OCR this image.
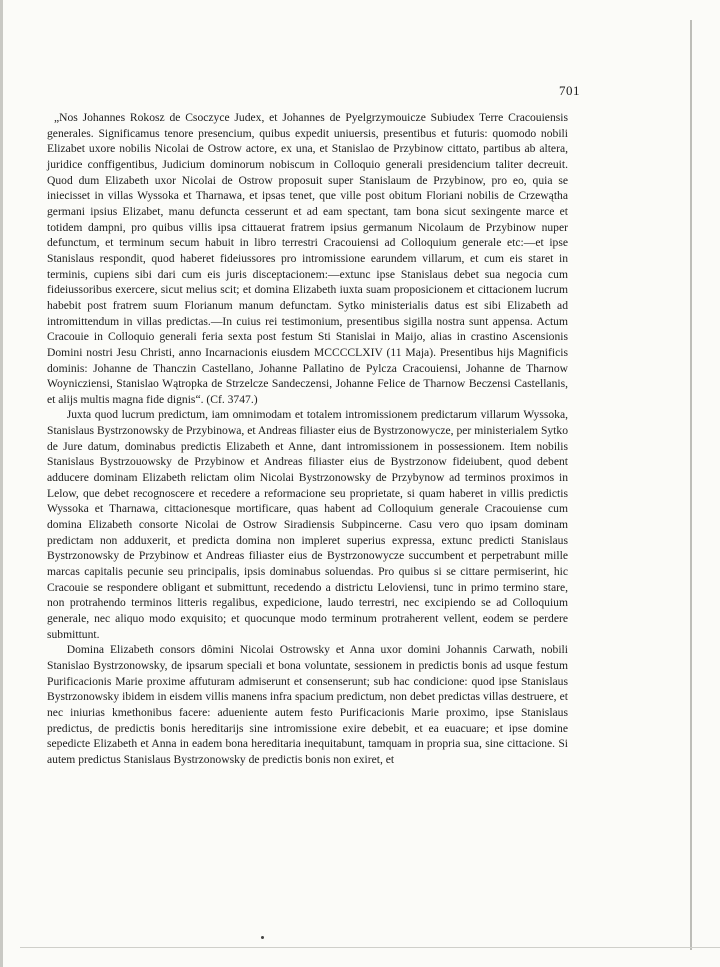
701

„Nos Johannes Rokosz de Csoczyce Judex, et Johannes de Pyelgrzymouicze Subiudex Terre Cracouiensis generales. Significamus tenore presencium, quibus expedit uniuersis, presentibus et futuris: quomodo nobili Elizabet uxore nobilis Nicolai de Ostrow actore, ex una, et Stanislao de Przybinow cittato, partibus ab altera, juridice conffigentibus, Judicium dominorum nobiscum in Colloquio generali presidencium taliter decreuit. Quod dum Elizabeth uxor Nicolai de Ostrow proposuit super Stanislaum de Przybinow, pro eo, quia se iniecisset in villas Wyssoka et Tharnawa, et ipsas tenet, que ville post obitum Floriani nobilis de Crzewątha germani ipsius Elizabet, manu defuncta cesserunt et ad eam spectant, tam bona sicut sexingente marce et totidem dampni, pro quibus villis ipsa cittauerat fratrem ipsius germanum Nicolaum de Przybinow nuper defunctum, et terminum secum habuit in libro terrestri Cracouiensi ad Colloquium generale etc:—et ipse Stanislaus respondit, quod haberet fideiussores pro intromissione earundem villarum, et cum eis staret in terminis, cupiens sibi dari cum eis juris disceptacionem:—extunc ipse Stanislaus debet sua negocia cum fideiussoribus exercere, sicut melius scit; et domina Elizabeth iuxta suam proposicionem et cittacionem lucrum habebit post fratrem suum Florianum manum defunctam. Sytko ministerialis datus est sibi Elizabeth ad intromittendum in villas predictas.—In cuius rei testimonium, presentibus sigilla nostra sunt appensa. Actum Cracouie in Colloquio generali feria sexta post festum Sti Stanislai in Maijo, alias in crastino Ascensionis Domini nostri Jesu Christi, anno Incarnacionis eiusdem MCCCCLXIV (11 Maja). Presentibus hijs Magnificis dominis: Johanne de Thanczin Castellano, Johanne Pallatino de Pylcza Cracouiensi, Johanne de Tharnow Woynicziensi, Stanislao Wątropka de Strzelcze Sandeczensi, Johanne Felice de Tharnow Beczensi Castellanis, et alijs multis magna fide dignis“. (Cf. 3747.)

Juxta quod lucrum predictum, iam omnimodam et totalem intromissionem predictarum villarum Wyssoka, Stanislaus Bystrzonowsky de Przybinowa, et Andreas filiaster eius de Bystrzonowycze, per ministerialem Sytko de Jure datum, dominabus predictis Elizabeth et Anne, dant intromissionem in possessionem. Item nobilis Stanislaus Bystrzouowsky de Przybinow et Andreas filiaster eius de Bystrzonow fideiubent, quod debent adducere dominam Elizabeth relictam olim Nicolai Bystrzonowsky de Przybynow ad terminos proximos in Lelow, que debet recognoscere et recedere a reformacione seu proprietate, si quam haberet in villis predictis Wyssoka et Tharnawa, cittacionesque mortificare, quas habent ad Colloquium generale Cracouiense cum domina Elizabeth consorte Nicolai de Ostrow Siradiensis Subpincerne. Casu vero quo ipsam dominam predictam non adduxerit, et predicta domina non impleret superius expressa, extunc predicti Stanislaus Bystrzonowsky de Przybinow et Andreas filiaster eius de Bystrzonowycze succumbent et perpetrabunt mille marcas capitalis pecunie seu principalis, ipsis dominabus soluendas. Pro quibus si se cittare permiserint, hic Cracouie se respondere obligant et submittunt, recedendo a districtu Leloviensi, tunc in primo termino stare, non protrahendo terminos litteris regalibus, expedicione, laudo terrestri, nec excipiendo se ad Colloquium generale, nec aliquo modo exquisito; et quocunque modo terminum protraherent vellent, eodem se perdere submittunt.

Domina Elizabeth consors dômini Nicolai Ostrowsky et Anna uxor domini Johannis Carwath, nobili Stanislao Bystrzonowsky, de ipsarum speciali et bona voluntate, sessionem in predictis bonis ad usque festum Purificacionis Marie proxime affuturam admiserunt et consenserunt; sub hac condicione: quod ipse Stanislaus Bystrzonowsky ibidem in eisdem villis manens infra spacium predictum, non debet predictas villas destruere, et nec iniurias kmethonibus facere: adueniente autem festo Purificacionis Marie proximo, ipse Stanislaus predictus, de predictis bonis hereditarijs sine intromissione exire debebit, et ea euacuare; et ipse domine sepedicte Elizabeth et Anna in eadem bona hereditaria inequitabunt, tamquam in propria sua, sine cittacione. Si autem predictus Stanislaus Bystrzonowsky de predictis bonis non exiret, et
